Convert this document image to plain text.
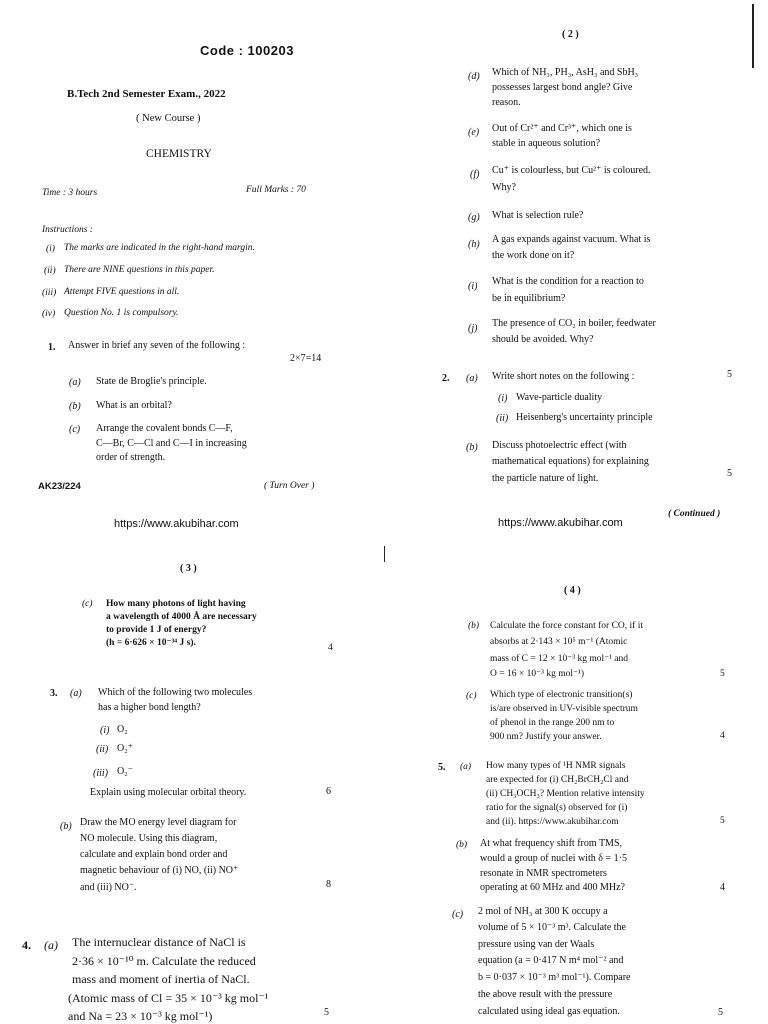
Code : 100203
B.Tech 2nd Semester Exam., 2022
( New Course )
CHEMISTRY
Time : 3 hours	Full Marks : 70
Instructions :
(i) The marks are indicated in the right-hand margin.
(ii) There are NINE questions in this paper.
(iii) Attempt FIVE questions in all.
(iv) Question No. 1 is compulsory.
1. Answer in brief any seven of the following :
2×7=14
(a) State de Broglie's principle.
(b) What is an orbital?
(c) Arrange the covalent bonds C—F,
C—Br, C—Cl and C—I in increasing
order of strength.
AK23/224	( Turn Over )
https://www.akubihar.com
( 2 )
(d) Which of NH₃, PH₃, AsH₃ and SbH₃
possesses largest bond angle? Give
reason.
(e) Out of Cr²⁺ and Cr³⁺, which one is
stable in aqueous solution?
(f) Cu⁺ is colourless, but Cu²⁺ is coloured.
Why?
(g) What is selection rule?
(h) A gas expands against vacuum. What is
the work done on it?
(i) What is the condition for a reaction to
be in equilibrium?
(j) The presence of CO₂ in boiler, feedwater
should be avoided. Why?
2. (a) Write short notes on the following :	5
(i) Wave-particle duality
(ii) Heisenberg's uncertainty principle
(b) Discuss photoelectric effect (with
mathematical equations) for explaining
the particle nature of light.	5
( Continued )
https://www.akubihar.com
( 3 )
(c) How many photons of light having
a wavelength of 4000 Å are necessary
to provide 1 J of energy?
(h = 6·626 × 10⁻³⁴ J s).	4
3. (a) Which of the following two molecules
has a higher bond length?
(i) O₂
(ii) O₂⁺
(iii) O₂⁻
Explain using molecular orbital theory.	6
(b) Draw the MO energy level diagram for
NO molecule. Using this diagram,
calculate and explain bond order and
magnetic behaviour of (i) NO, (ii) NO⁺
and (iii) NO⁻.	8
4. (a) The internuclear distance of NaCl is
2·36 × 10⁻¹⁰ m. Calculate the reduced
mass and moment of inertia of NaCl.
(Atomic mass of Cl = 35 × 10⁻³ kg mol⁻¹
and Na = 23 × 10⁻³ kg mol⁻¹)	5
( 4 )
(b) Calculate the force constant for CO, if it
absorbs at 2·143 × 10⁵ m⁻¹ (Atomic
mass of C = 12 × 10⁻³ kg mol⁻¹ and
O = 16 × 10⁻³ kg mol⁻¹)	5
(c) Which type of electronic transition(s)
is/are observed in UV-visible spectrum
of phenol in the range 200 nm to
900 nm? Justify your answer.	4
5. (a) How many types of ¹H NMR signals
are expected for (i) CH₂BrCH₂Cl and
(ii) CH₃OCH₃? Mention relative intensity
ratio for the signal(s) observed for (i)
and (ii). https://www.akubihar.com	5
(b) At what frequency shift from TMS,
would a group of nuclei with δ = 1·5
resonate in NMR spectrometers
operating at 60 MHz and 400 MHz?	4
(c) 2 mol of NH₃ at 300 K occupy a
volume of 5 × 10⁻³ m³. Calculate the
pressure using van der Waals
equation (a = 0·417 N m⁴ mol⁻² and
b = 0·037 × 10⁻³ m³ mol⁻¹). Compare
the above result with the pressure
calculated using ideal gas equation.	5
